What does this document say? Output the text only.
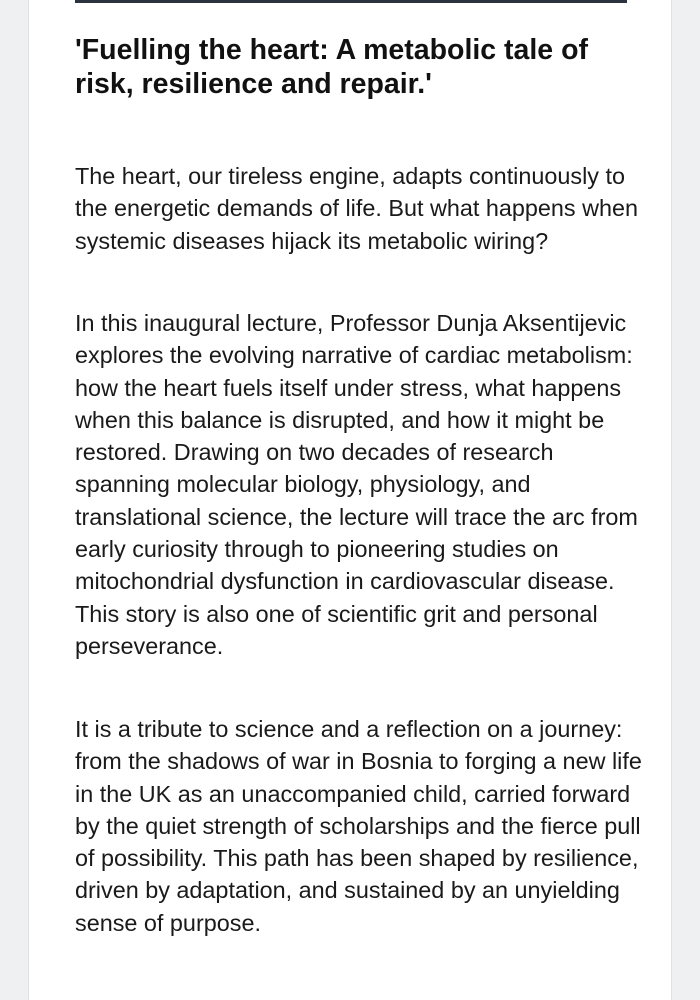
'Fuelling the heart: A metabolic tale of risk, resilience and repair.'

The heart, our tireless engine, adapts continuously to the energetic demands of life. But what happens when systemic diseases hijack its metabolic wiring?

In this inaugural lecture, Professor Dunja Aksentijevic explores the evolving narrative of cardiac metabolism: how the heart fuels itself under stress, what happens when this balance is disrupted, and how it might be restored. Drawing on two decades of research spanning molecular biology, physiology, and translational science, the lecture will trace the arc from early curiosity through to pioneering studies on mitochondrial dysfunction in cardiovascular disease. This story is also one of scientific grit and personal perseverance.

It is a tribute to science and a reflection on a journey: from the shadows of war in Bosnia to forging a new life in the UK as an unaccompanied child, carried forward by the quiet strength of scholarships and the fierce pull of possibility. This path has been shaped by resilience, driven by adaptation, and sustained by an unyielding sense of purpose.
